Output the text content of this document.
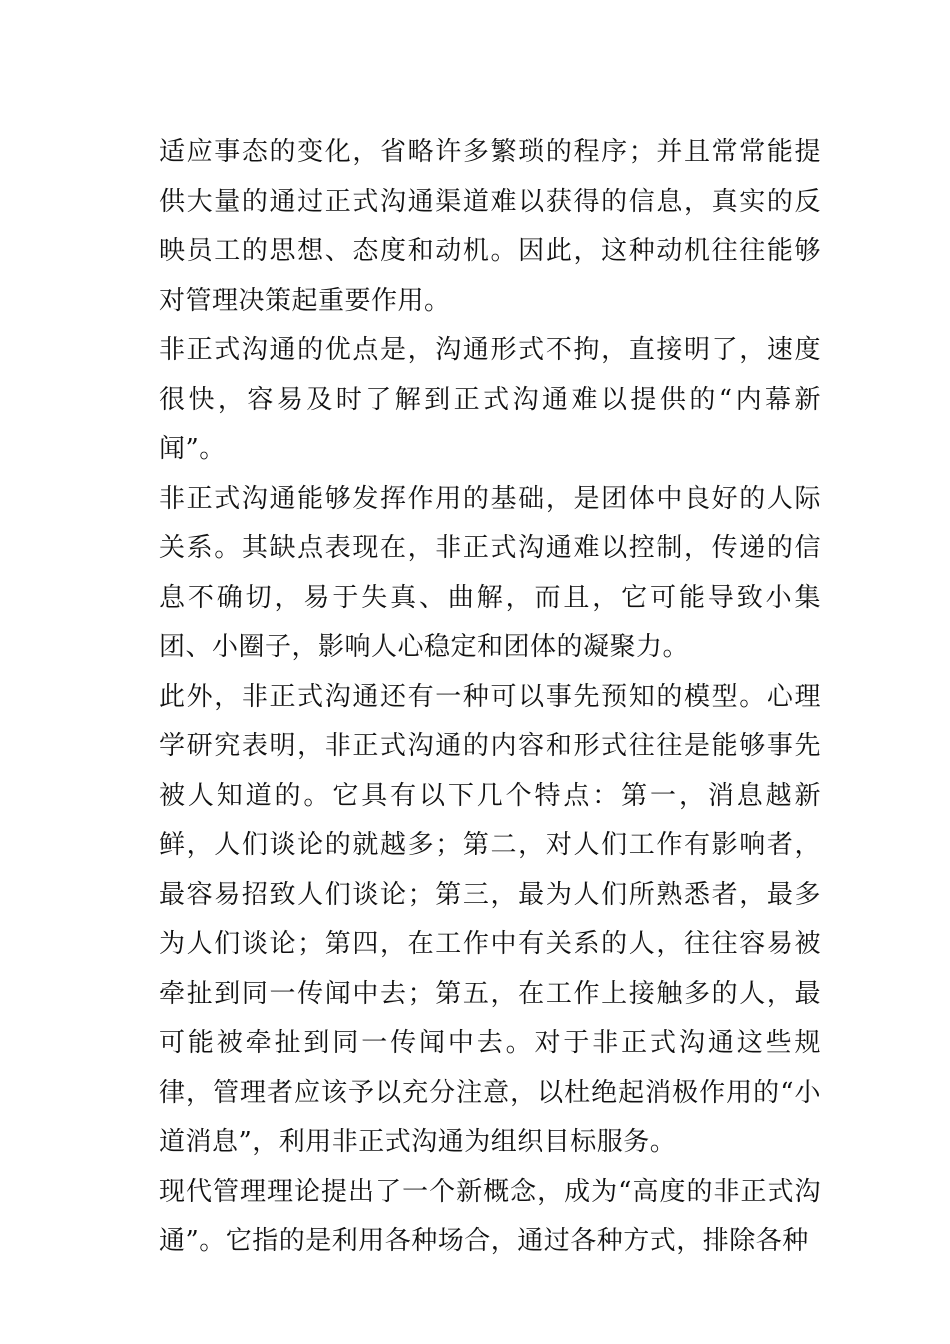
适应事态的变化，省略许多繁琐的程序；并且常常能提供大量的通过正式沟通渠道难以获得的信息，真实的反映员工的思想、态度和动机。因此，这种动机往往能够对管理决策起重要作用。

非正式沟通的优点是，沟通形式不拘，直接明了，速度很快，容易及时了解到正式沟通难以提供的“内幕新闻”。

非正式沟通能够发挥作用的基础，是团体中良好的人际关系。其缺点表现在，非正式沟通难以控制，传递的信息不确切，易于失真、曲解，而且，它可能导致小集团、小圈子，影响人心稳定和团体的凝聚力。

此外，非正式沟通还有一种可以事先预知的模型。心理学研究表明，非正式沟通的内容和形式往往是能够事先被人知道的。它具有以下几个特点：第一，消息越新鲜，人们谈论的就越多；第二，对人们工作有影响者，最容易招致人们谈论；第三，最为人们所熟悉者，最多为人们谈论；第四，在工作中有关系的人，往往容易被牵扯到同一传闻中去；第五，在工作上接触多的人，最可能被牵扯到同一传闻中去。对于非正式沟通这些规律，管理者应该予以充分注意，以杜绝起消极作用的“小道消息”，利用非正式沟通为组织目标服务。

现代管理理论提出了一个新概念，成为“高度的非正式沟通”。它指的是利用各种场合，通过各种方式，排除各种
